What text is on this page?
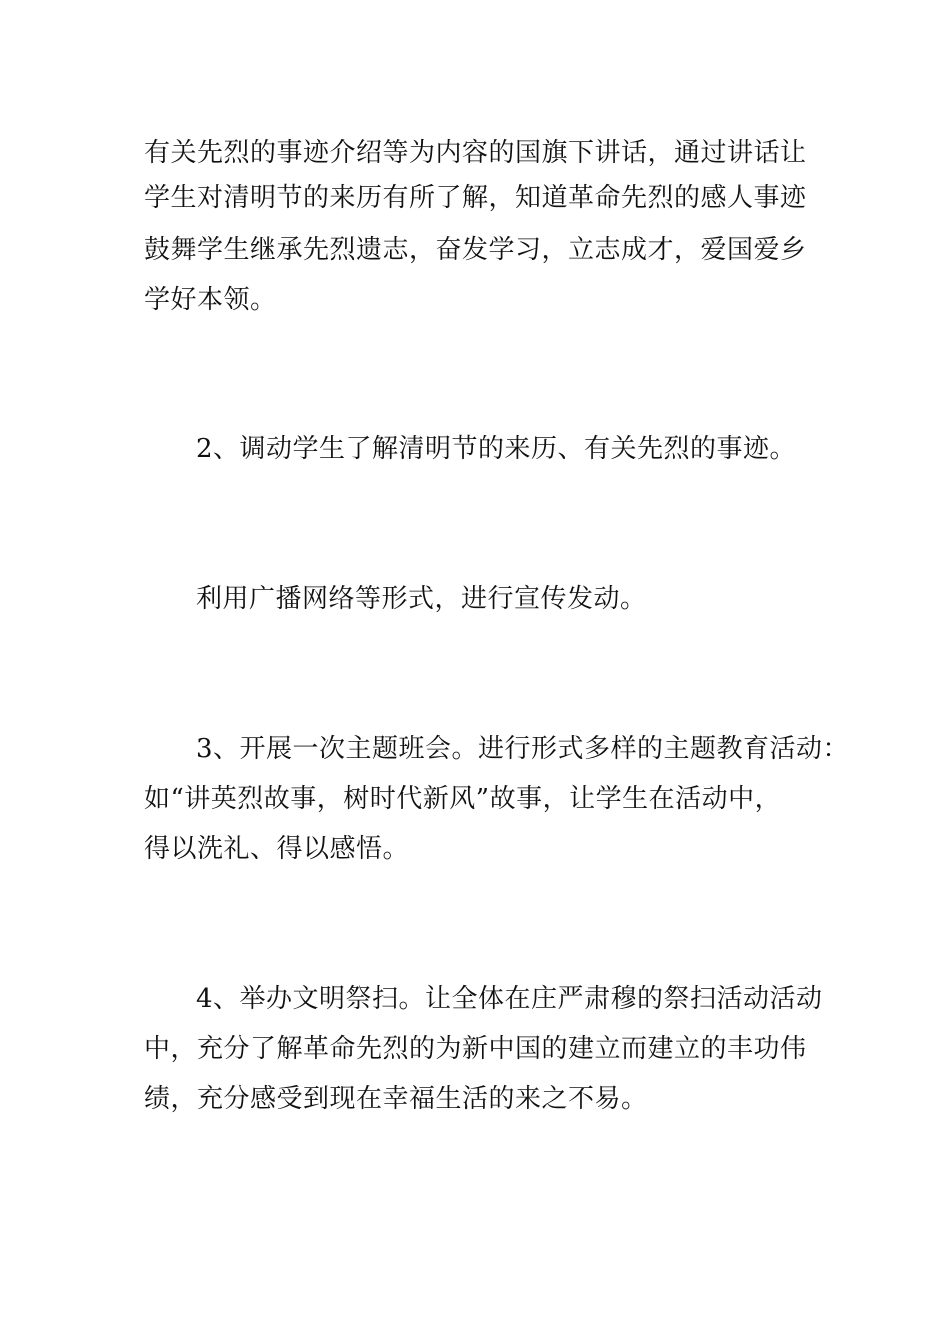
有关先烈的事迹介绍等为内容的国旗下讲话，通过讲话让
学生对清明节的来历有所了解，知道革命先烈的感人事迹
鼓舞学生继承先烈遗志，奋发学习，立志成才，爱国爱乡
学好本领。
2、调动学生了解清明节的来历、有关先烈的事迹。
利用广播网络等形式，进行宣传发动。
3、开展一次主题班会。进行形式多样的主题教育活动：
如“讲英烈故事，树时代新风”故事，让学生在活动中，
得以洗礼、得以感悟。
4、举办文明祭扫。让全体在庄严肃穆的祭扫活动活动
中，充分了解革命先烈的为新中国的建立而建立的丰功伟
绩，充分感受到现在幸福生活的来之不易。
